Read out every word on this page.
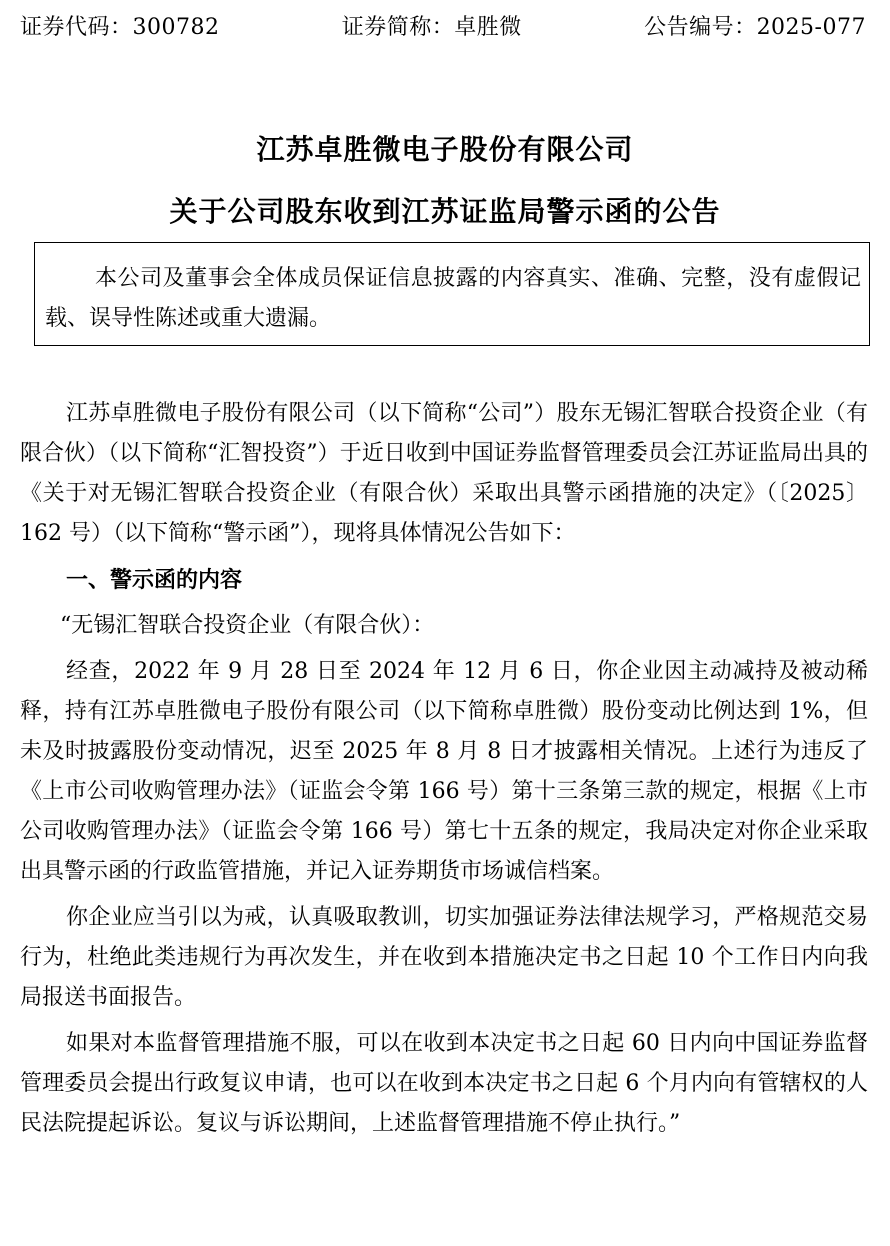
证券代码：300782	证券简称：卓胜微	公告编号：2025-077
江苏卓胜微电子股份有限公司
关于公司股东收到江苏证监局警示函的公告
本公司及董事会全体成员保证信息披露的内容真实、准确、完整，没有虚假记载、误导性陈述或重大遗漏。

江苏卓胜微电子股份有限公司（以下简称“公司”）股东无锡汇智联合投资企业（有限合伙）（以下简称“汇智投资”）于近日收到中国证券监督管理委员会江苏证监局出具的《关于对无锡汇智联合投资企业（有限合伙）采取出具警示函措施的决定》（〔2025〕162 号）（以下简称“警示函”），现将具体情况公告如下：

一、警示函的内容

“无锡汇智联合投资企业（有限合伙）：

经查，2022 年 9 月 28 日至 2024 年 12 月 6 日，你企业因主动减持及被动稀释，持有江苏卓胜微电子股份有限公司（以下简称卓胜微）股份变动比例达到 1%，但未及时披露股份变动情况，迟至 2025 年 8 月 8 日才披露相关情况。上述行为违反了《上市公司收购管理办法》（证监会令第 166 号）第十三条第三款的规定，根据《上市公司收购管理办法》（证监会令第 166 号）第七十五条的规定，我局决定对你企业采取出具警示函的行政监管措施，并记入证券期货市场诚信档案。

你企业应当引以为戒，认真吸取教训，切实加强证券法律法规学习，严格规范交易行为，杜绝此类违规行为再次发生，并在收到本措施决定书之日起 10 个工作日内向我局报送书面报告。

如果对本监督管理措施不服，可以在收到本决定书之日起 60 日内向中国证券监督管理委员会提出行政复议申请，也可以在收到本决定书之日起 6 个月内向有管辖权的人民法院提起诉讼。复议与诉讼期间，上述监督管理措施不停止执行。”
